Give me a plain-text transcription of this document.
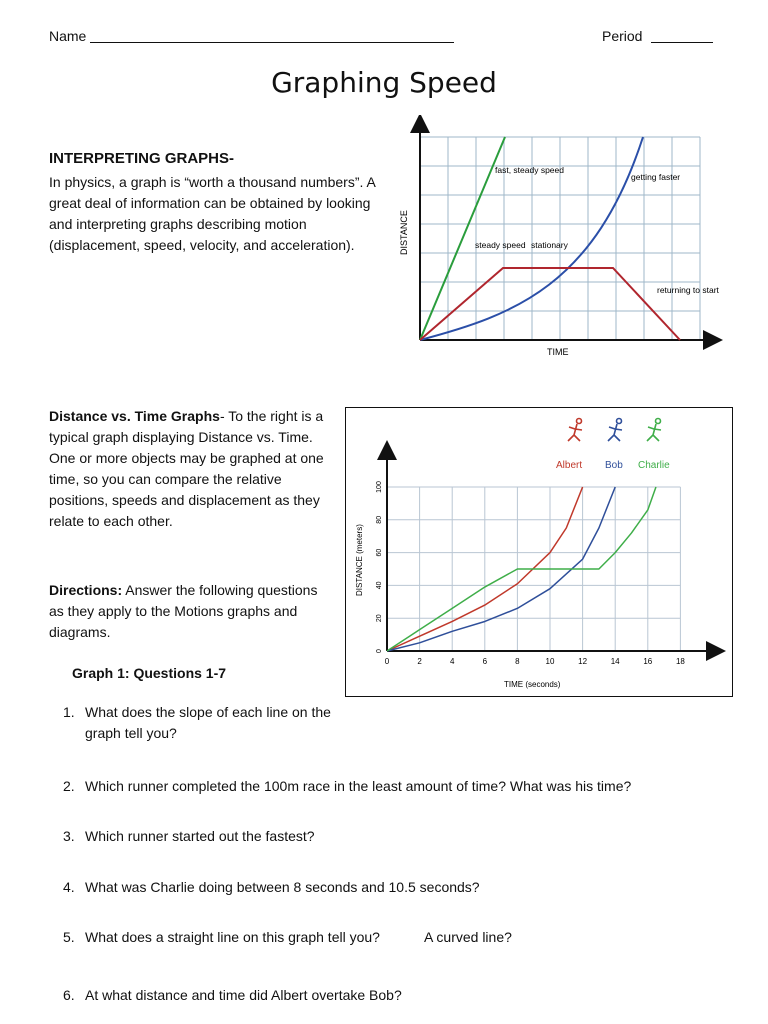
Name	Period
Graphing Speed
INTERPRETING GRAPHS-
In physics, a graph is “worth a thousand numbers”. A great deal of information can be obtained by looking and interpreting graphs describing motion (displacement, speed, velocity, and acceleration).
fast, steady speed
getting faster
steady speed stationary
returning to start
TIME
DISTANCE
Distance vs. Time Graphs- To the right is a typical graph displaying Distance vs. Time. One or more objects may be graphed at one time, so you can compare the relative positions, speeds and displacement as they relate to each other.
0	2	4	6	8	10	12	14	16	18
0
20
40
60
80
100
TIME (seconds)
DISTANCE (meters)
Albert Bob Charlie
Directions: Answer the following questions as they apply to the Motions graphs and diagrams.
Graph 1: Questions 1-7
1. What does the slope of each line on the graph tell you?
2. Which runner completed the 100m race in the least amount of time? What was his time?
3. Which runner started out the fastest?
4. What was Charlie doing between 8 seconds and 10.5 seconds?
5. What does a straight line on this graph tell you?	A curved line?
6. At what distance and time did Albert overtake Bob?
